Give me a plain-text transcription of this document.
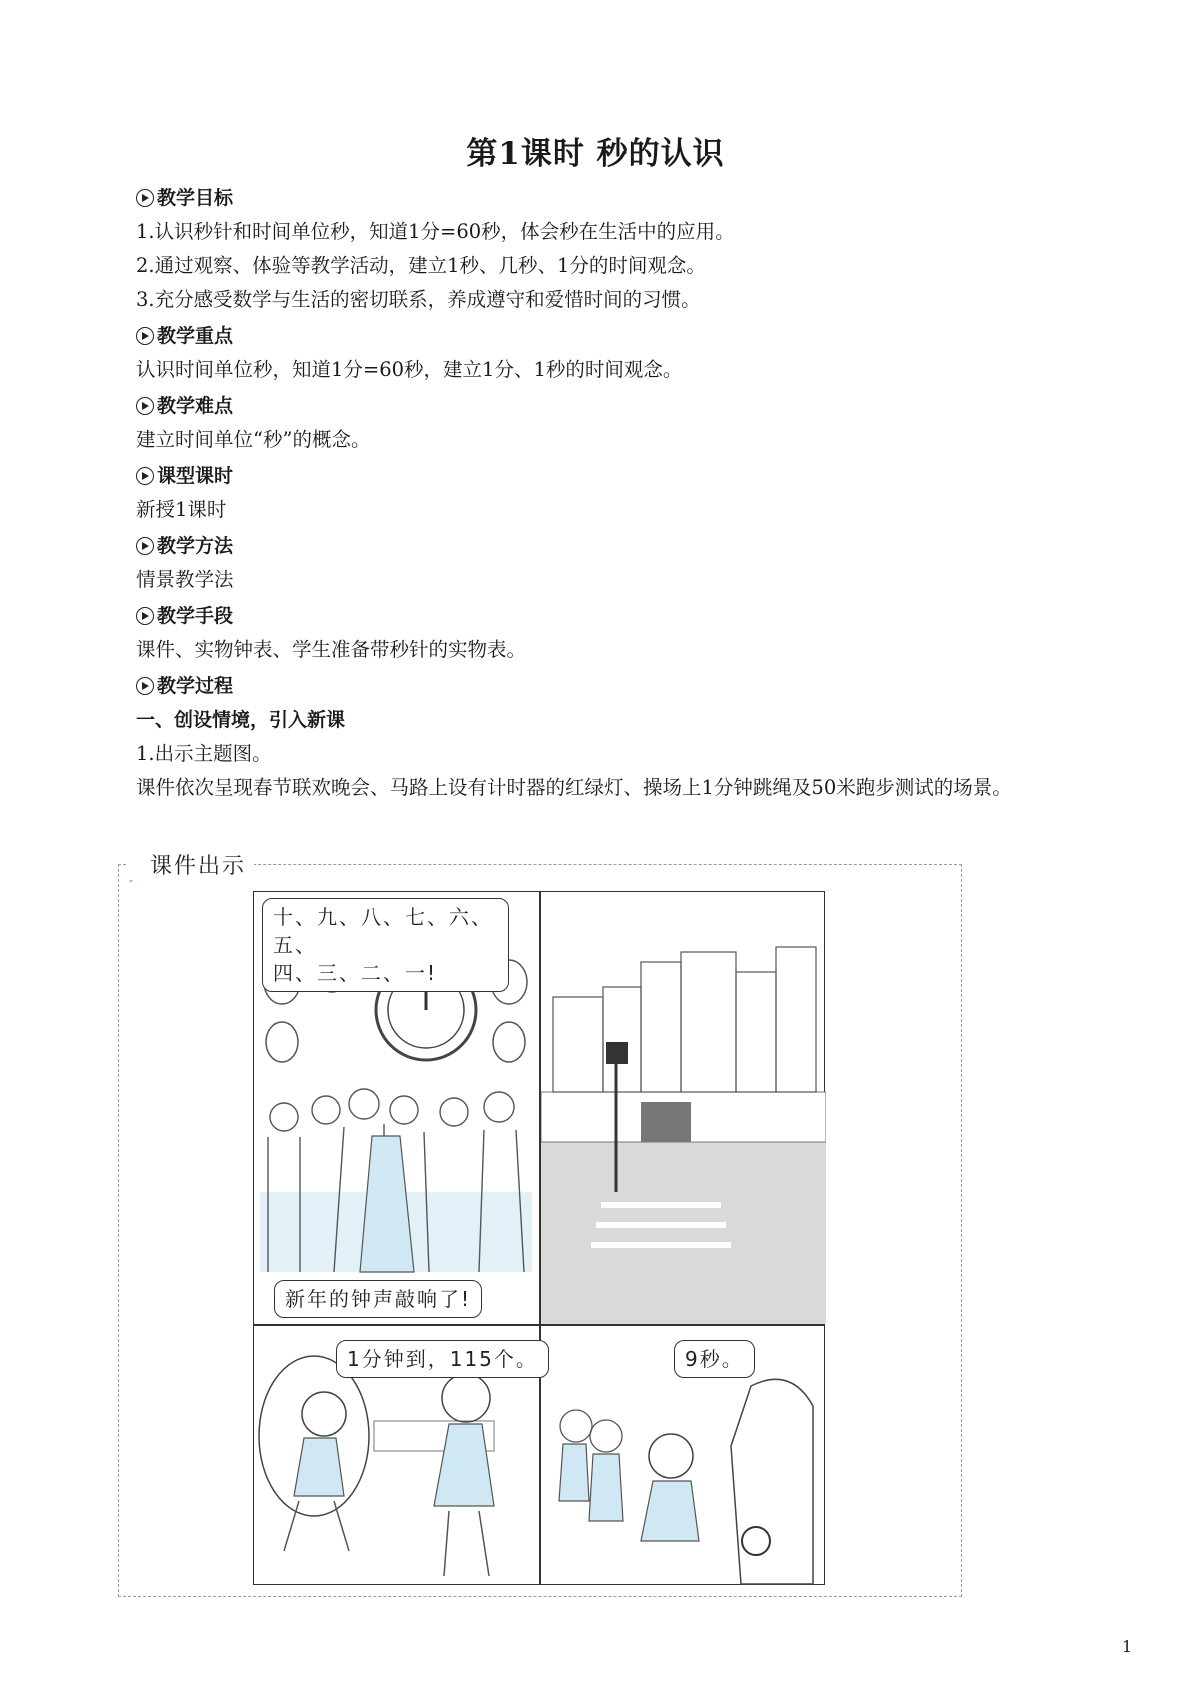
第1课时 秒的认识
教学目标
1.认识秒针和时间单位秒，知道1分=60秒，体会秒在生活中的应用。
2.通过观察、体验等教学活动，建立1秒、几秒、1分的时间观念。
3.充分感受数学与生活的密切联系，养成遵守和爱惜时间的习惯。
教学重点
认识时间单位秒，知道1分=60秒，建立1分、1秒的时间观念。
教学难点
建立时间单位“秒”的概念。
课型课时
新授1课时
教学方法
情景教学法
教学手段
课件、实物钟表、学生准备带秒针的实物表。
教学过程
一、创设情境，引入新课
1.出示主题图。
课件依次呈现春节联欢晚会、马路上设有计时器的红绿灯、操场上1分钟跳绳及50米跑步测试的场景。
课件出示
十、九、八、七、六、五、
四、三、二、一!
新年的钟声敲响了!
1分钟到，115个。	9秒。
1
